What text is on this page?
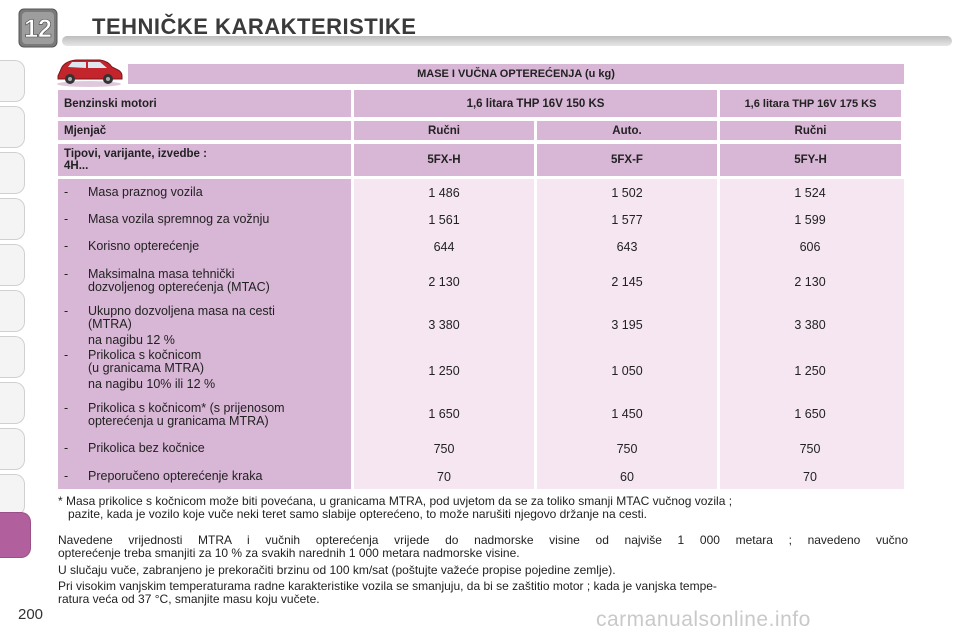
12 TEHNIČKE KARAKTERISTIKE
MASE I VUČNA OPTEREĆENJA (u kg)
Benzinski motori	1,6 litara THP 16V 150 KS	1,6 litara THP 16V 175 KS
Mjenjač	Ručni	Auto.	Ručni
Tipovi, varijante, izvedbe :
4H...	5FX-H	5FX-F	5FY-H
- Masa praznog vozila	1 486	1 502	1 524
- Masa vozila spremnog za vožnju	1 561	1 577	1 599
- Korisno opterećenje	644	643	606
- Maksimalna masa tehnički
dozvoljenog opterećenja (MTAC)	2 130	2 145	2 130
- Ukupno dozvoljena masa na cesti
(MTRA)
na nagibu 12 %
3 380	3 195	3 380
- Prikolica s kočnicom
(u granicama MTRA)
na nagibu 10% ili 12 %
1 250	1 050	1 250
- Prikolica s kočnicom* (s prijenosom
opterećenja u granicama MTRA)	1 650	1 450	1 650
- Prikolica bez kočnice	750	750	750
- Preporučeno opterećenje kraka	70	60	70
* Masa prikolice s kočnicom može biti povećana, u granicama MTRA, pod uvjetom da se za toliko smanji MTAC vučnog vozila ;
pazite, kada je vozilo koje vuče neki teret samo slabije opterećeno, to može narušiti njegovo držanje na cesti.
Navedene vrijednosti MTRA i vučnih opterećenja vrijede do nadmorske visine od najviše 1 000 metara ; navedeno vučno
opterećenje treba smanjiti za 10 % za svakih narednih 1 000 metara nadmorske visine.
U slučaju vuče, zabranjeno je prekoračiti brzinu od 100 km/sat (poštujte važeće propise pojedine zemlje).
Pri visokim vanjskim temperaturama radne karakteristike vozila se smanjuju, da bi se zaštitio motor ; kada je vanjska tempe-
ratura veća od 37 °C, smanjite masu koju vučete.
200	carmanualsonline.info
